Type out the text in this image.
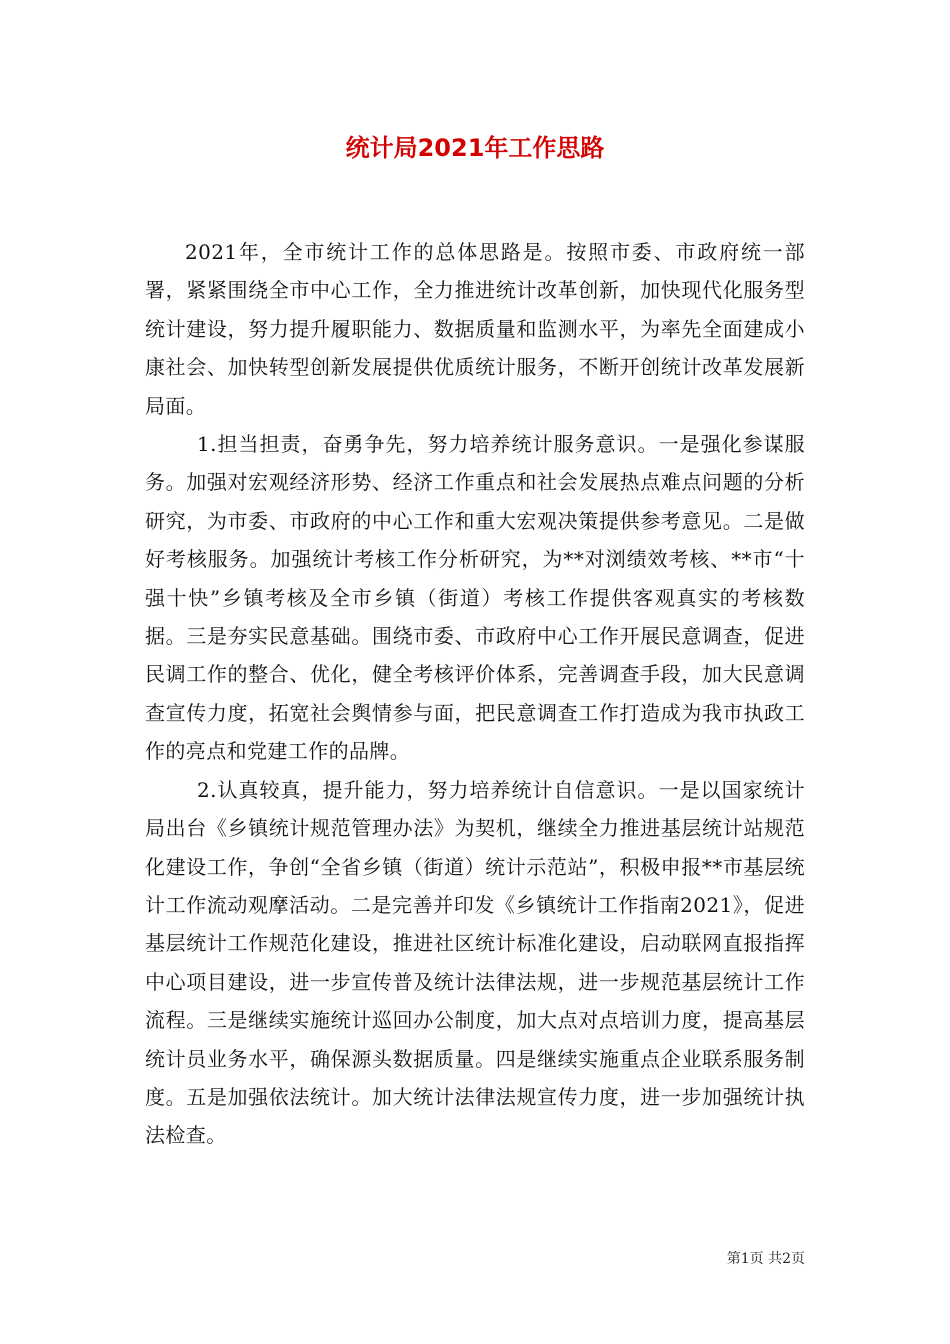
统计局2021年工作思路

2021年，全市统计工作的总体思路是。按照市委、市政府统一部署，紧紧围绕全市中心工作，全力推进统计改革创新，加快现代化服务型统计建设，努力提升履职能力、数据质量和监测水平，为率先全面建成小康社会、加快转型创新发展提供优质统计服务，不断开创统计改革发展新局面。

1.担当担责，奋勇争先，努力培养统计服务意识。一是强化参谋服务。加强对宏观经济形势、经济工作重点和社会发展热点难点问题的分析研究，为市委、市政府的中心工作和重大宏观决策提供参考意见。二是做好考核服务。加强统计考核工作分析研究，为**对浏绩效考核、**市“十强十快”乡镇考核及全市乡镇（街道）考核工作提供客观真实的考核数据。三是夯实民意基础。围绕市委、市政府中心工作开展民意调查，促进民调工作的整合、优化，健全考核评价体系，完善调查手段，加大民意调查宣传力度，拓宽社会舆情参与面，把民意调查工作打造成为我市执政工作的亮点和党建工作的品牌。

2.认真较真，提升能力，努力培养统计自信意识。一是以国家统计局出台《乡镇统计规范管理办法》为契机，继续全力推进基层统计站规范化建设工作，争创“全省乡镇（街道）统计示范站”，积极申报**市基层统计工作流动观摩活动。二是完善并印发《乡镇统计工作指南2021》，促进基层统计工作规范化建设，推进社区统计标准化建设，启动联网直报指挥中心项目建设，进一步宣传普及统计法律法规，进一步规范基层统计工作流程。三是继续实施统计巡回办公制度，加大点对点培训力度，提高基层统计员业务水平，确保源头数据质量。四是继续实施重点企业联系服务制度。五是加强依法统计。加大统计法律法规宣传力度，进一步加强统计执法检查。

第1页 共2页
